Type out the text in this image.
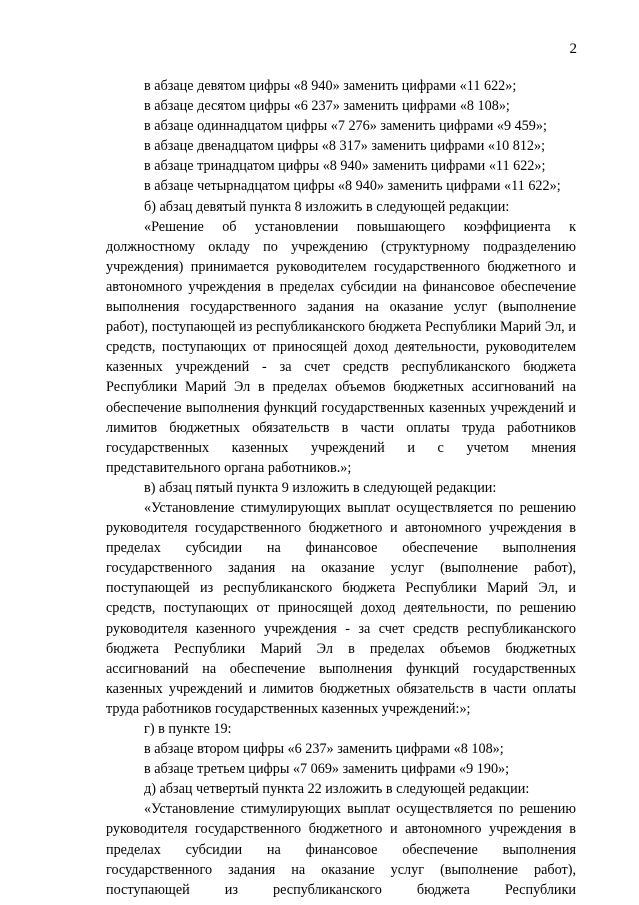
2

в абзаце девятом цифры «8 940» заменить цифрами «11 622»;

в абзаце десятом цифры «6 237» заменить цифрами «8 108»;

в абзаце одиннадцатом цифры «7 276» заменить цифрами «9 459»;

в абзаце двенадцатом цифры «8 317» заменить цифрами «10 812»;

в абзаце тринадцатом цифры «8 940» заменить цифрами «11 622»;

в абзаце четырнадцатом цифры «8 940» заменить цифрами «11 622»;

б) абзац девятый пункта 8 изложить в следующей редакции:

«Решение об установлении повышающего коэффициента к должностному окладу по учреждению (структурному подразделению учреждения) принимается руководителем государственного бюджетного и автономного учреждения в пределах субсидии на финансовое обеспечение выполнения государственного задания на оказание услуг (выполнение работ), поступающей из республиканского бюджета Республики Марий Эл, и средств, поступающих от приносящей доход деятельности, руководителем казенных учреждений - за счет средств республиканского бюджета Республики Марий Эл в пределах объемов бюджетных ассигнований на обеспечение выполнения функций государственных казенных учреждений и лимитов бюджетных обязательств в части оплаты труда работников государственных казенных учреждений и с учетом мнения представительного органа работников.»;

в) абзац пятый пункта 9 изложить в следующей редакции:

«Установление стимулирующих выплат осуществляется по решению руководителя государственного бюджетного и автономного учреждения в пределах субсидии на финансовое обеспечение выполнения государственного задания на оказание услуг (выполнение работ), поступающей из республиканского бюджета Республики Марий Эл, и средств, поступающих от приносящей доход деятельности, по решению руководителя казенного учреждения - за счет средств республиканского бюджета Республики Марий Эл в пределах объемов бюджетных ассигнований на обеспечение выполнения функций государственных казенных учреждений и лимитов бюджетных обязательств в части оплаты труда работников государственных казенных учреждений:»;

г) в пункте 19:

в абзаце втором цифры «6 237» заменить цифрами «8 108»;

в абзаце третьем цифры «7 069» заменить цифрами «9 190»;

д) абзац четвертый пункта 22 изложить в следующей редакции:

«Установление стимулирующих выплат осуществляется по решению руководителя государственного бюджетного и автономного учреждения в пределах субсидии на финансовое обеспечение выполнения государственного задания на оказание услуг (выполнение работ), поступающей из республиканского бюджета Республики
